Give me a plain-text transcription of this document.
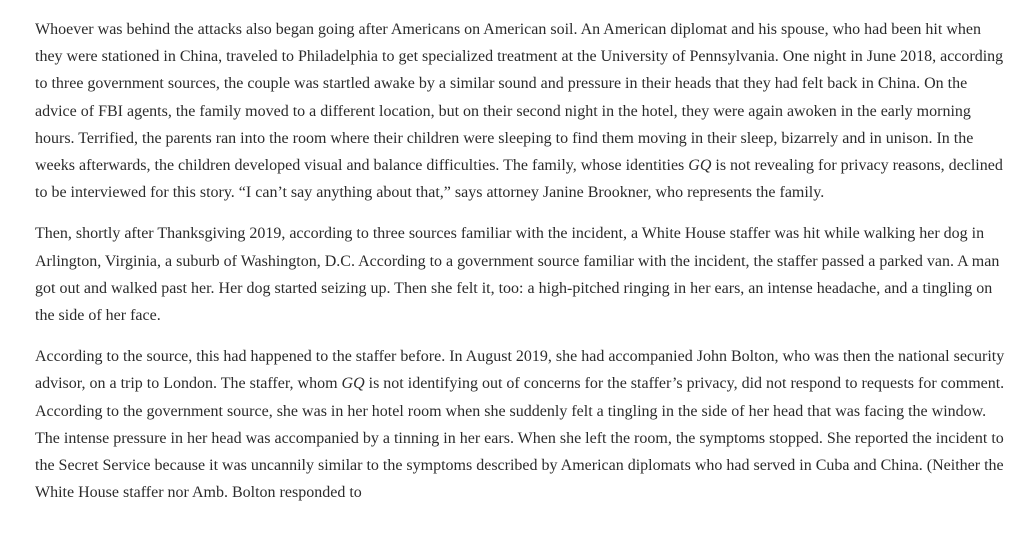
Whoever was behind the attacks also began going after Americans on American soil. An American diplomat and his spouse, who had been hit when they were stationed in China, traveled to Philadelphia to get specialized treatment at the University of Pennsylvania. One night in June 2018, according to three government sources, the couple was startled awake by a similar sound and pressure in their heads that they had felt back in China. On the advice of FBI agents, the family moved to a different location, but on their second night in the hotel, they were again awoken in the early morning hours. Terrified, the parents ran into the room where their children were sleeping to find them moving in their sleep, bizarrely and in unison. In the weeks afterwards, the children developed visual and balance difficulties. The family, whose identities GQ is not revealing for privacy reasons, declined to be interviewed for this story. “I can’t say anything about that,” says attorney Janine Brookner, who represents the family.

Then, shortly after Thanksgiving 2019, according to three sources familiar with the incident, a White House staffer was hit while walking her dog in Arlington, Virginia, a suburb of Washington, D.C. According to a government source familiar with the incident, the staffer passed a parked van. A man got out and walked past her. Her dog started seizing up. Then she felt it, too: a high-pitched ringing in her ears, an intense headache, and a tingling on the side of her face.

According to the source, this had happened to the staffer before. In August 2019, she had accompanied John Bolton, who was then the national security advisor, on a trip to London. The staffer, whom GQ is not identifying out of concerns for the staffer’s privacy, did not respond to requests for comment. According to the government source, she was in her hotel room when she suddenly felt a tingling in the side of her head that was facing the window. The intense pressure in her head was accompanied by a tinning in her ears. When she left the room, the symptoms stopped. She reported the incident to the Secret Service because it was uncannily similar to the symptoms described by American diplomats who had served in Cuba and China. (Neither the White House staffer nor Amb. Bolton responded to
